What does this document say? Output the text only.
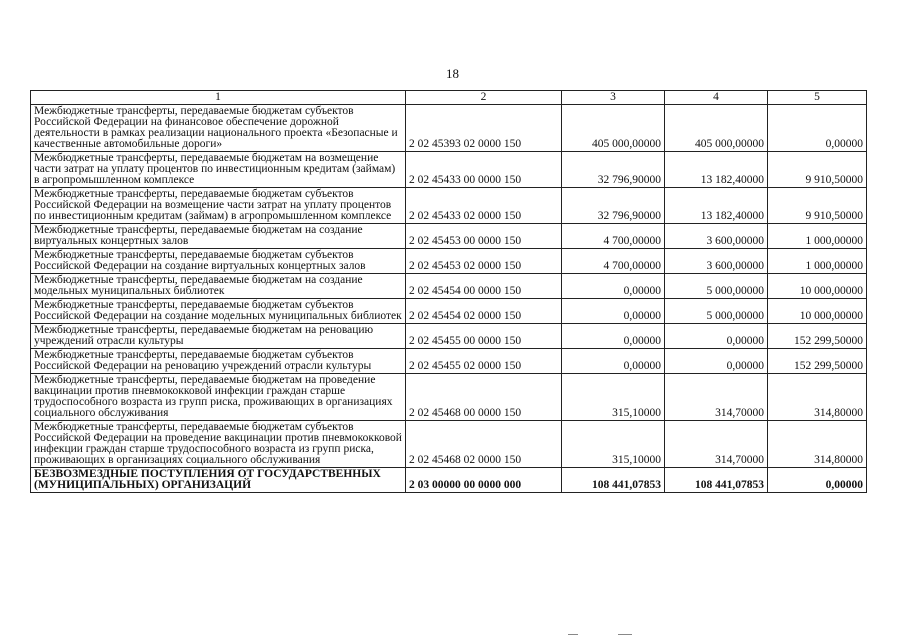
18
1	2	3	4	5
Межбюджетные трансферты, передаваемые бюджетам субъектов Российской Федерации на финансовое обеспечение дорожной деятельности в рамках реализации национального проекта «Безопасные и качественные автомобильные дороги»	2 02 45393 02 0000 150	405 000,00000	405 000,00000	0,00000
Межбюджетные трансферты, передаваемые бюджетам на возмещение части затрат на уплату процентов по инвестиционным кредитам (займам) в агропромышленном комплексе	2 02 45433 00 0000 150	32 796,90000	13 182,40000	9 910,50000
Межбюджетные трансферты, передаваемые бюджетам субъектов Российской Федерации на возмещение части затрат на уплату процентов по инвестиционным кредитам (займам) в агропромышленном комплексе	2 02 45433 02 0000 150	32 796,90000	13 182,40000	9 910,50000
Межбюджетные трансферты, передаваемые бюджетам на создание виртуальных концертных залов	2 02 45453 00 0000 150	4 700,00000	3 600,00000	1 000,00000
Межбюджетные трансферты, передаваемые бюджетам субъектов Российской Федерации на создание виртуальных концертных залов	2 02 45453 02 0000 150	4 700,00000	3 600,00000	1 000,00000
Межбюджетные трансферты, передаваемые бюджетам на создание модельных муниципальных библиотек	2 02 45454 00 0000 150	0,00000	5 000,00000	10 000,00000
Межбюджетные трансферты, передаваемые бюджетам субъектов Российской Федерации на создание модельных муниципальных библиотек	2 02 45454 02 0000 150	0,00000	5 000,00000	10 000,00000
Межбюджетные трансферты, передаваемые бюджетам на реновацию учреждений отрасли культуры	2 02 45455 00 0000 150	0,00000	0,00000	152 299,50000
Межбюджетные трансферты, передаваемые бюджетам субъектов Российской Федерации на реновацию учреждений отрасли культуры	2 02 45455 02 0000 150	0,00000	0,00000	152 299,50000
Межбюджетные трансферты, передаваемые бюджетам на проведение вакцинации против пневмококковой инфекции граждан старше трудоспособного возраста из групп риска, проживающих в организациях социального обслуживания	2 02 45468 00 0000 150	315,10000	314,70000	314,80000
Межбюджетные трансферты, передаваемые бюджетам субъектов Российской Федерации на проведение вакцинации против пневмококковой инфекции граждан старше трудоспособного возраста из групп риска, проживающих в организациях социального обслуживания	2 02 45468 02 0000 150	315,10000	314,70000	314,80000
БЕЗВОЗМЕЗДНЫЕ ПОСТУПЛЕНИЯ ОТ ГОСУДАРСТВЕННЫХ (МУНИЦИПАЛЬНЫХ) ОРГАНИЗАЦИЙ	2 03 00000 00 0000 000	108 441,07853	108 441,07853	0,00000
